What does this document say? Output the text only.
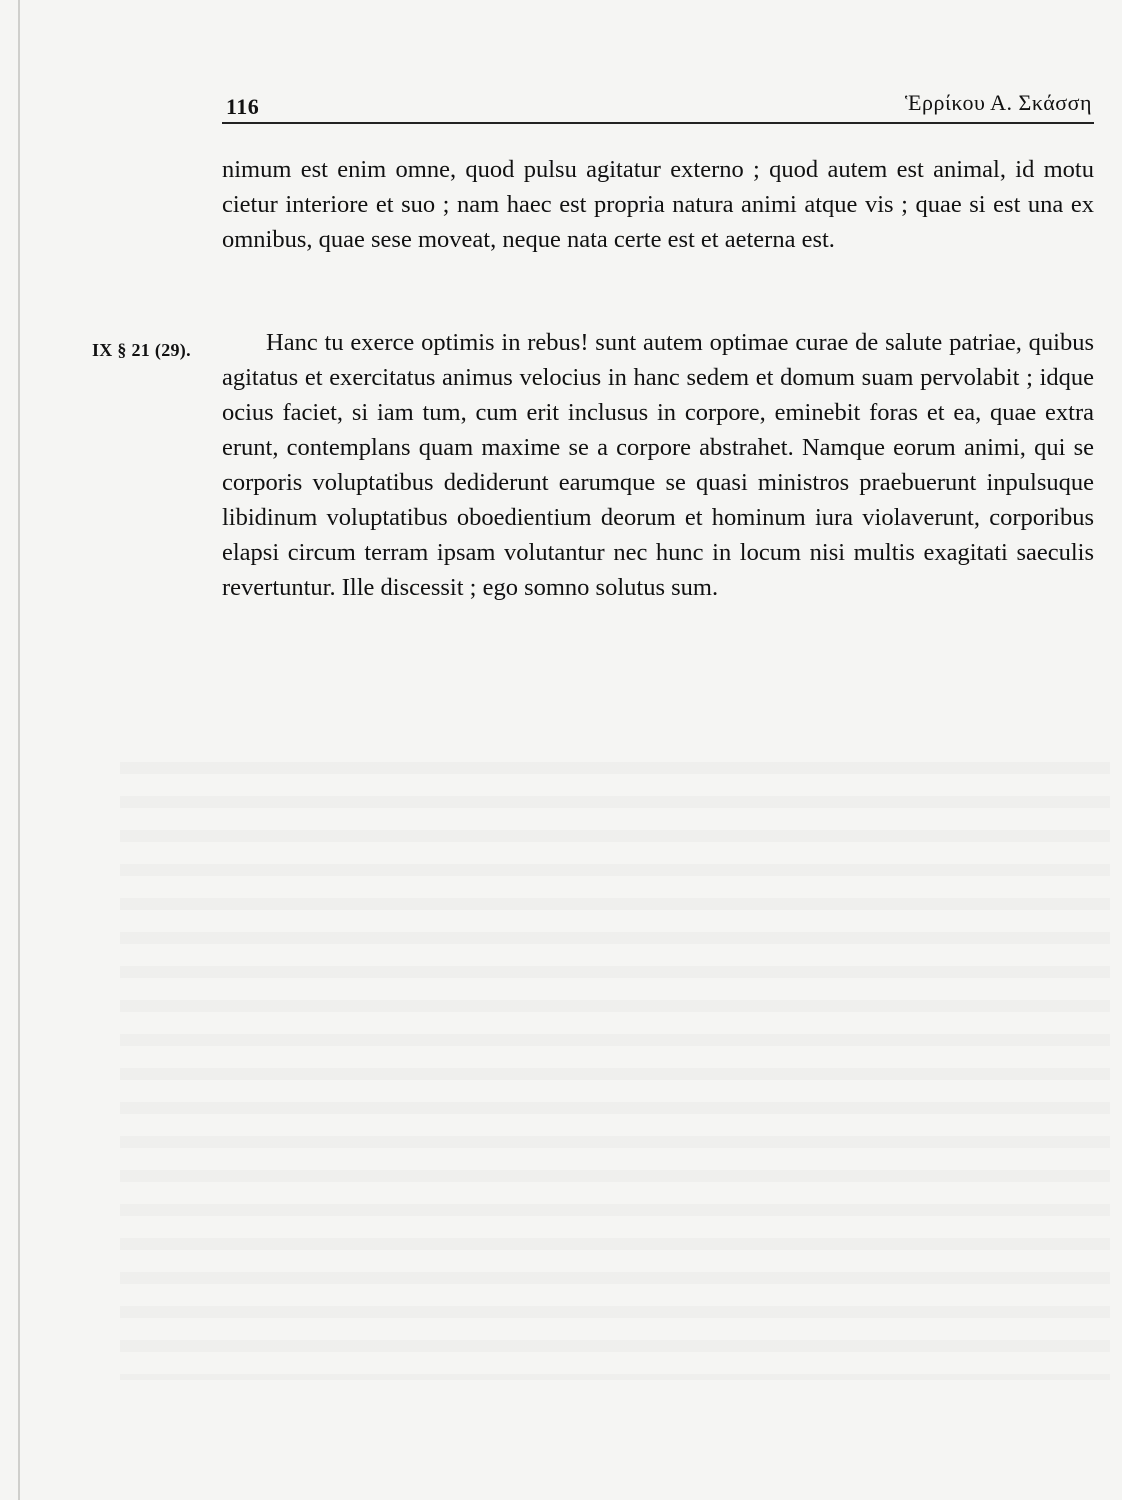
116	Ἑρρίκου Α. Σκάσση

nimum est enim omne, quod pulsu agitatur externo ; quod autem est animal, id motu cietur interiore et suo ; nam haec est propria natura animi atque vis ; quae si est una ex omnibus, quae sese moveat, neque nata certe est et aeterna est.

IX § 21 (29).	Hanc tu exerce optimis in rebus! sunt autem optimae curae de salute patriae, quibus agitatus et exercitatus animus velocius in hanc sedem et domum suam pervolabit ; idque ocius faciet, si iam tum, cum erit inclusus in corpore, eminebit foras et ea, quae extra erunt, contemplans quam maxime se a corpore abstrahet. Namque eorum animi, qui se corporis voluptatibus dediderunt earumque se quasi ministros praebuerunt inpulsuque libidinum voluptatibus oboedientium deorum et hominum iura violaverunt, corporibus elapsi circum terram ipsam volutantur nec hunc in locum nisi multis exagitati saeculis revertuntur. Ille discessit ; ego somno solutus sum.
